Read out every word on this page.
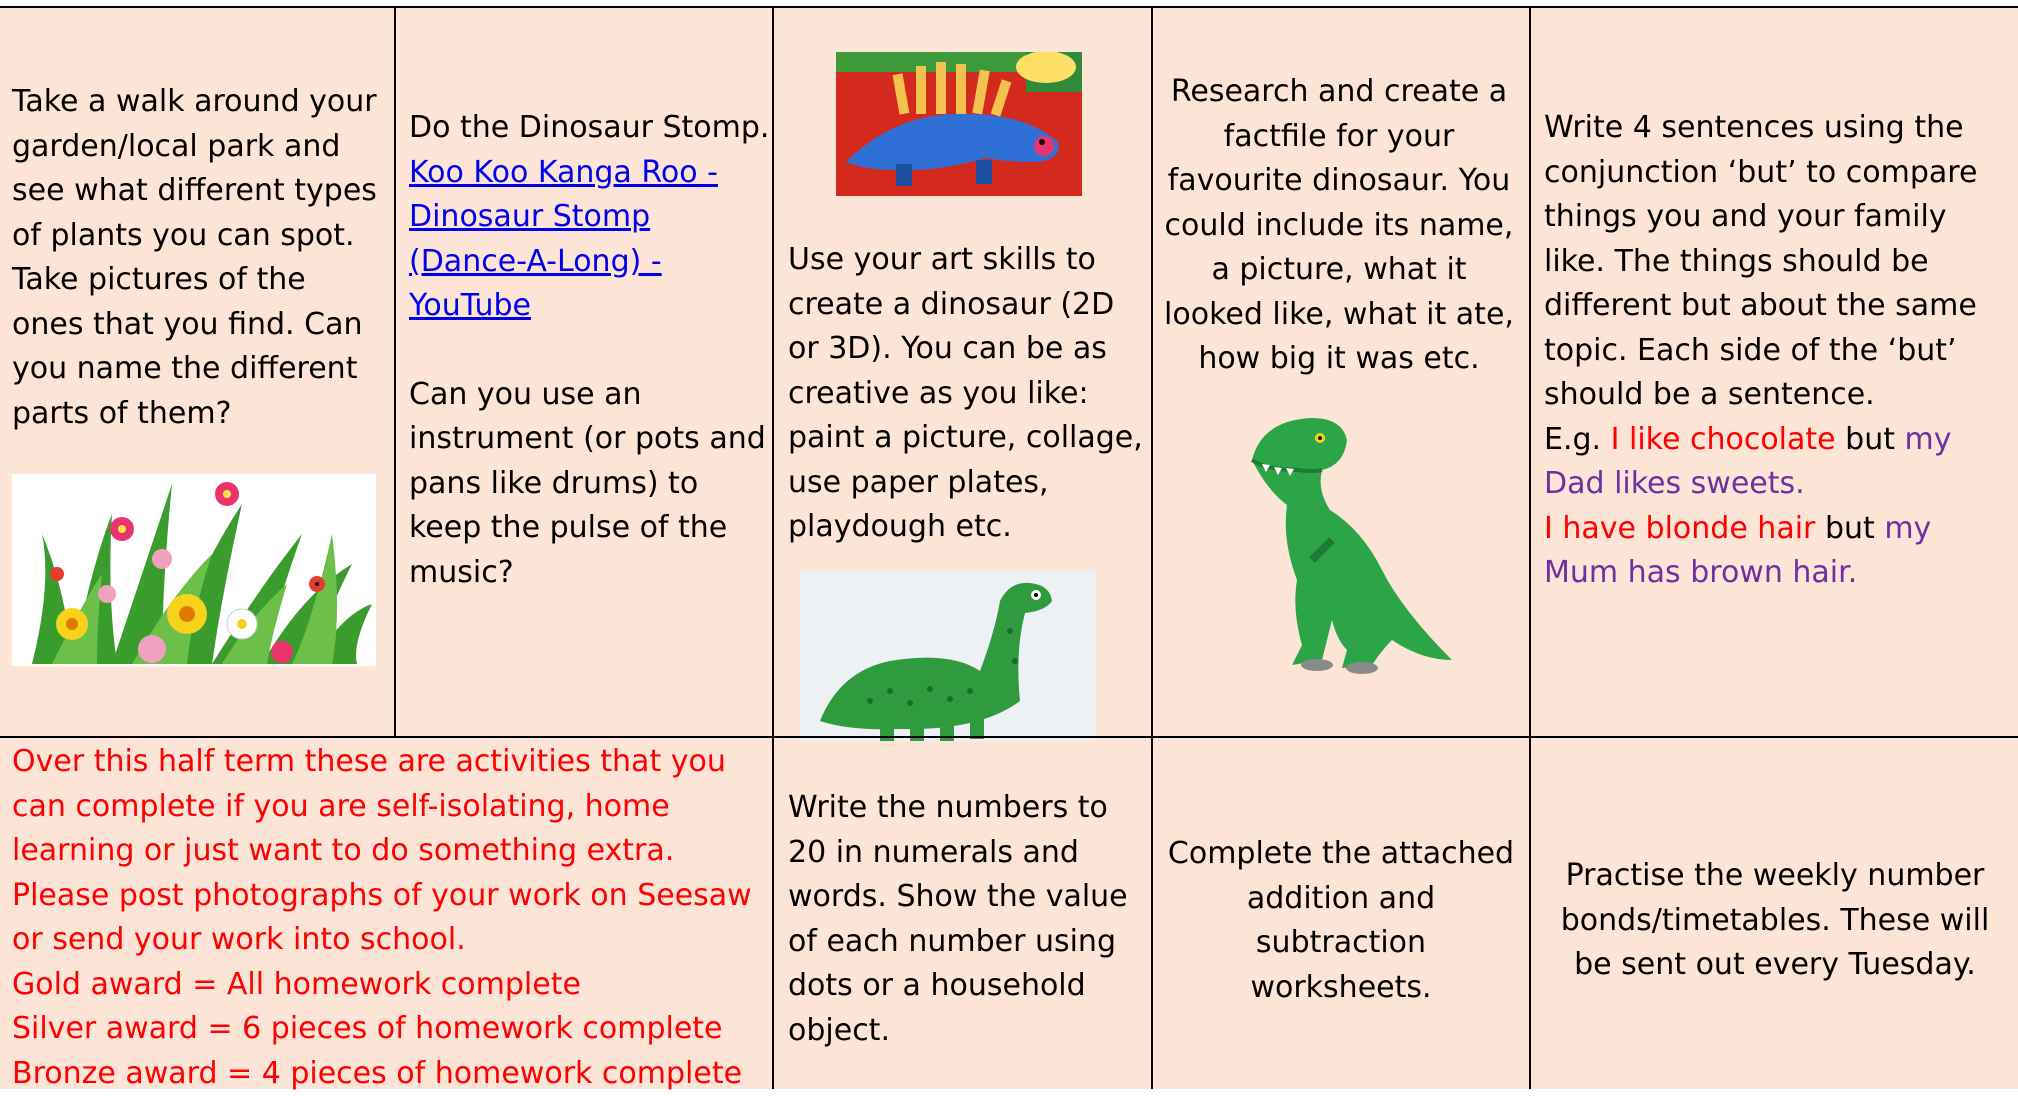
Take a walk around your garden/local park and see what different types of plants you can spot. Take pictures of the ones that you find. Can you name the different parts of them?
Do the Dinosaur Stomp.
Koo Koo Kanga Roo - Dinosaur Stomp (Dance-A-Long) - YouTube
Can you use an instrument (or pots and pans like drums) to keep the pulse of the music?
Use your art skills to create a dinosaur (2D or 3D). You can be as creative as you like: paint a picture, collage, use paper plates, playdough etc.
Research and create a factfile for your favourite dinosaur. You could include its name, a picture, what it looked like, what it ate, how big it was etc.
Write 4 sentences using the conjunction ‘but’ to compare things you and your family like. The things should be different but about the same topic. Each side of the ‘but’ should be a sentence.
E.g. I like chocolate but my Dad likes sweets.
I have blonde hair but my Mum has brown hair.
Over this half term these are activities that you can complete if you are self-isolating, home learning or just want to do something extra.
Please post photographs of your work on Seesaw or send your work into school.
Gold award = All homework complete
Silver award = 6 pieces of homework complete
Bronze award = 4 pieces of homework complete
Write the numbers to 20 in numerals and words. Show the value of each number using dots or a household object.
Complete the attached addition and subtraction worksheets.
Practise the weekly number bonds/timetables. These will be sent out every Tuesday.
